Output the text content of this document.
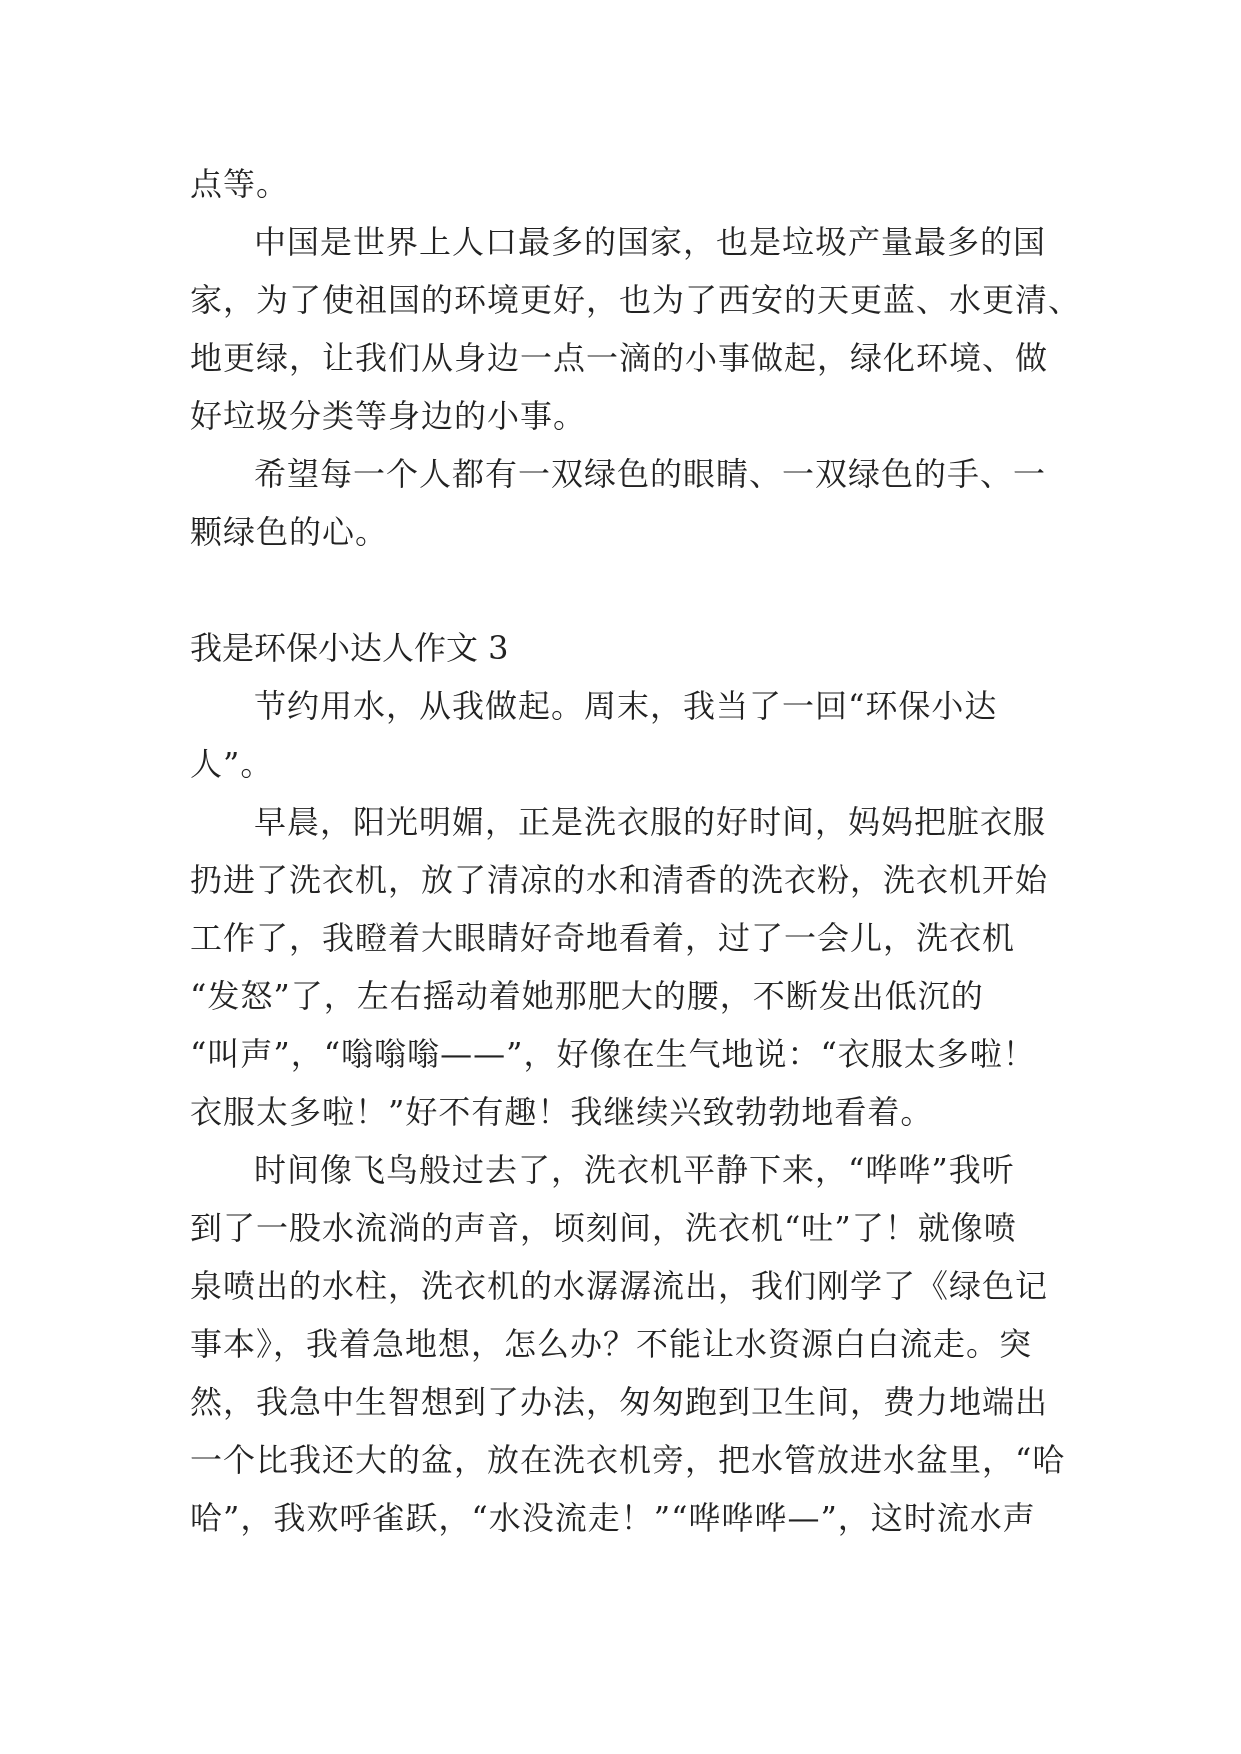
点等。
中国是世界上人口最多的国家，也是垃圾产量最多的国
家，为了使祖国的环境更好，也为了西安的天更蓝、水更清、
地更绿，让我们从身边一点一滴的小事做起，绿化环境、做
好垃圾分类等身边的小事。
希望每一个人都有一双绿色的眼睛、一双绿色的手、一
颗绿色的心。
我是环保小达人作文 3
节约用水，从我做起。周末，我当了一回“环保小达
人”。
早晨，阳光明媚，正是洗衣服的好时间，妈妈把脏衣服
扔进了洗衣机，放了清凉的水和清香的洗衣粉，洗衣机开始
工作了，我瞪着大眼睛好奇地看着，过了一会儿，洗衣机
“发怒”了，左右摇动着她那肥大的腰，不断发出低沉的
“叫声”，“嗡嗡嗡——”，好像在生气地说：“衣服太多啦！
衣服太多啦！”好不有趣！我继续兴致勃勃地看着。
时间像飞鸟般过去了，洗衣机平静下来，“哗哗”我听
到了一股水流淌的声音，顷刻间，洗衣机“吐”了！就像喷
泉喷出的水柱，洗衣机的水潺潺流出，我们刚学了《绿色记
事本》，我着急地想，怎么办？不能让水资源白白流走。突
然，我急中生智想到了办法，匆匆跑到卫生间，费力地端出
一个比我还大的盆，放在洗衣机旁，把水管放进水盆里，“哈
哈”，我欢呼雀跃，“水没流走！”“哗哗哗—”，这时流水声
